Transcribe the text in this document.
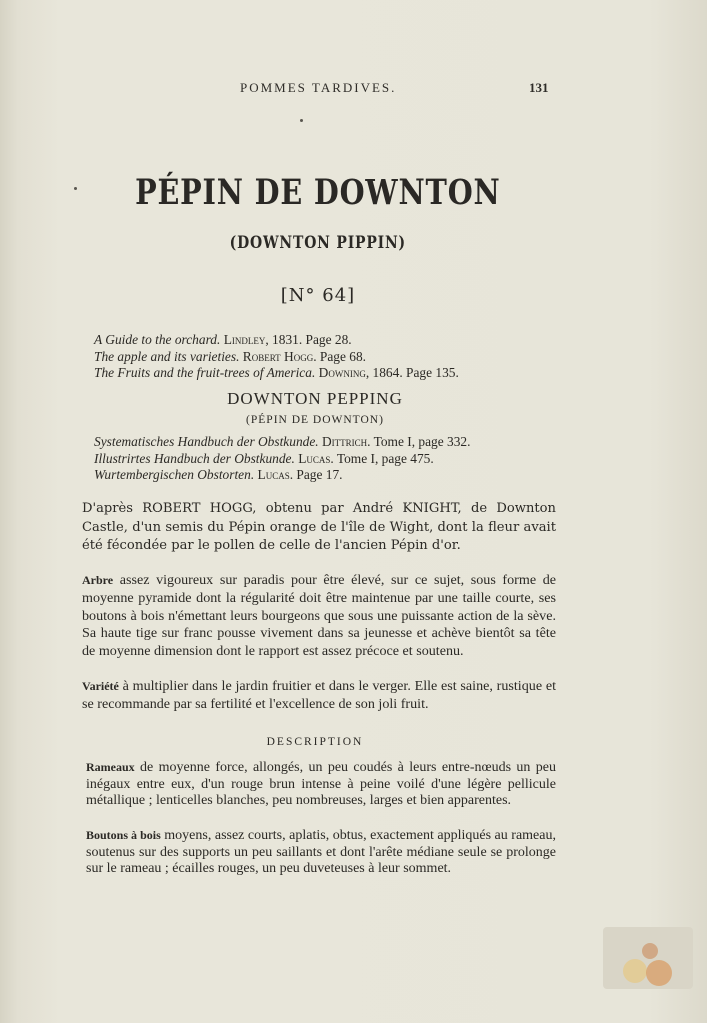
POMMES TARDIVES.	131
PÉPIN DE DOWNTON
(DOWNTON PIPPIN)
[N° 64]
A Guide to the orchard. Lindley, 1831. Page 28.
The apple and its varieties. Robert Hogg. Page 68.
The Fruits and the fruit-trees of America. Downing, 1864. Page 135.
DOWNTON PEPPING
(PÉPIN DE DOWNTON)
Systematisches Handbuch der Obstkunde. Dittrich. Tome I, page 332.
Illustrirtes Handbuch der Obstkunde. Lucas. Tome I, page 475.
Wurtembergischen Obstorten. Lucas. Page 17.
D'après ROBERT HOGG, obtenu par André KNIGHT, de Downton Castle, d'un semis du Pépin orange de l'île de Wight, dont la fleur avait été fécondée par le pollen de celle de l'ancien Pépin d'or.
Arbre assez vigoureux sur paradis pour être élevé, sur ce sujet, sous forme de moyenne pyramide dont la régularité doit être maintenue par une taille courte, ses boutons à bois n'émettant leurs bourgeons que sous une puissante action de la sève. Sa haute tige sur franc pousse vivement dans sa jeunesse et achève bientôt sa tête de moyenne dimension dont le rapport est assez précoce et soutenu.
Variété à multiplier dans le jardin fruitier et dans le verger. Elle est saine, rustique et se recommande par sa fertilité et l'excellence de son joli fruit.
DESCRIPTION
Rameaux de moyenne force, allongés, un peu coudés à leurs entre-nœuds un peu inégaux entre eux, d'un rouge brun intense à peine voilé d'une légère pellicule métallique ; lenticelles blanches, peu nombreuses, larges et bien apparentes.
Boutons à bois moyens, assez courts, aplatis, obtus, exactement appliqués au rameau, soutenus sur des supports un peu saillants et dont l'arête médiane seule se prolonge sur le rameau ; écailles rouges, un peu duveteuses à leur sommet.
